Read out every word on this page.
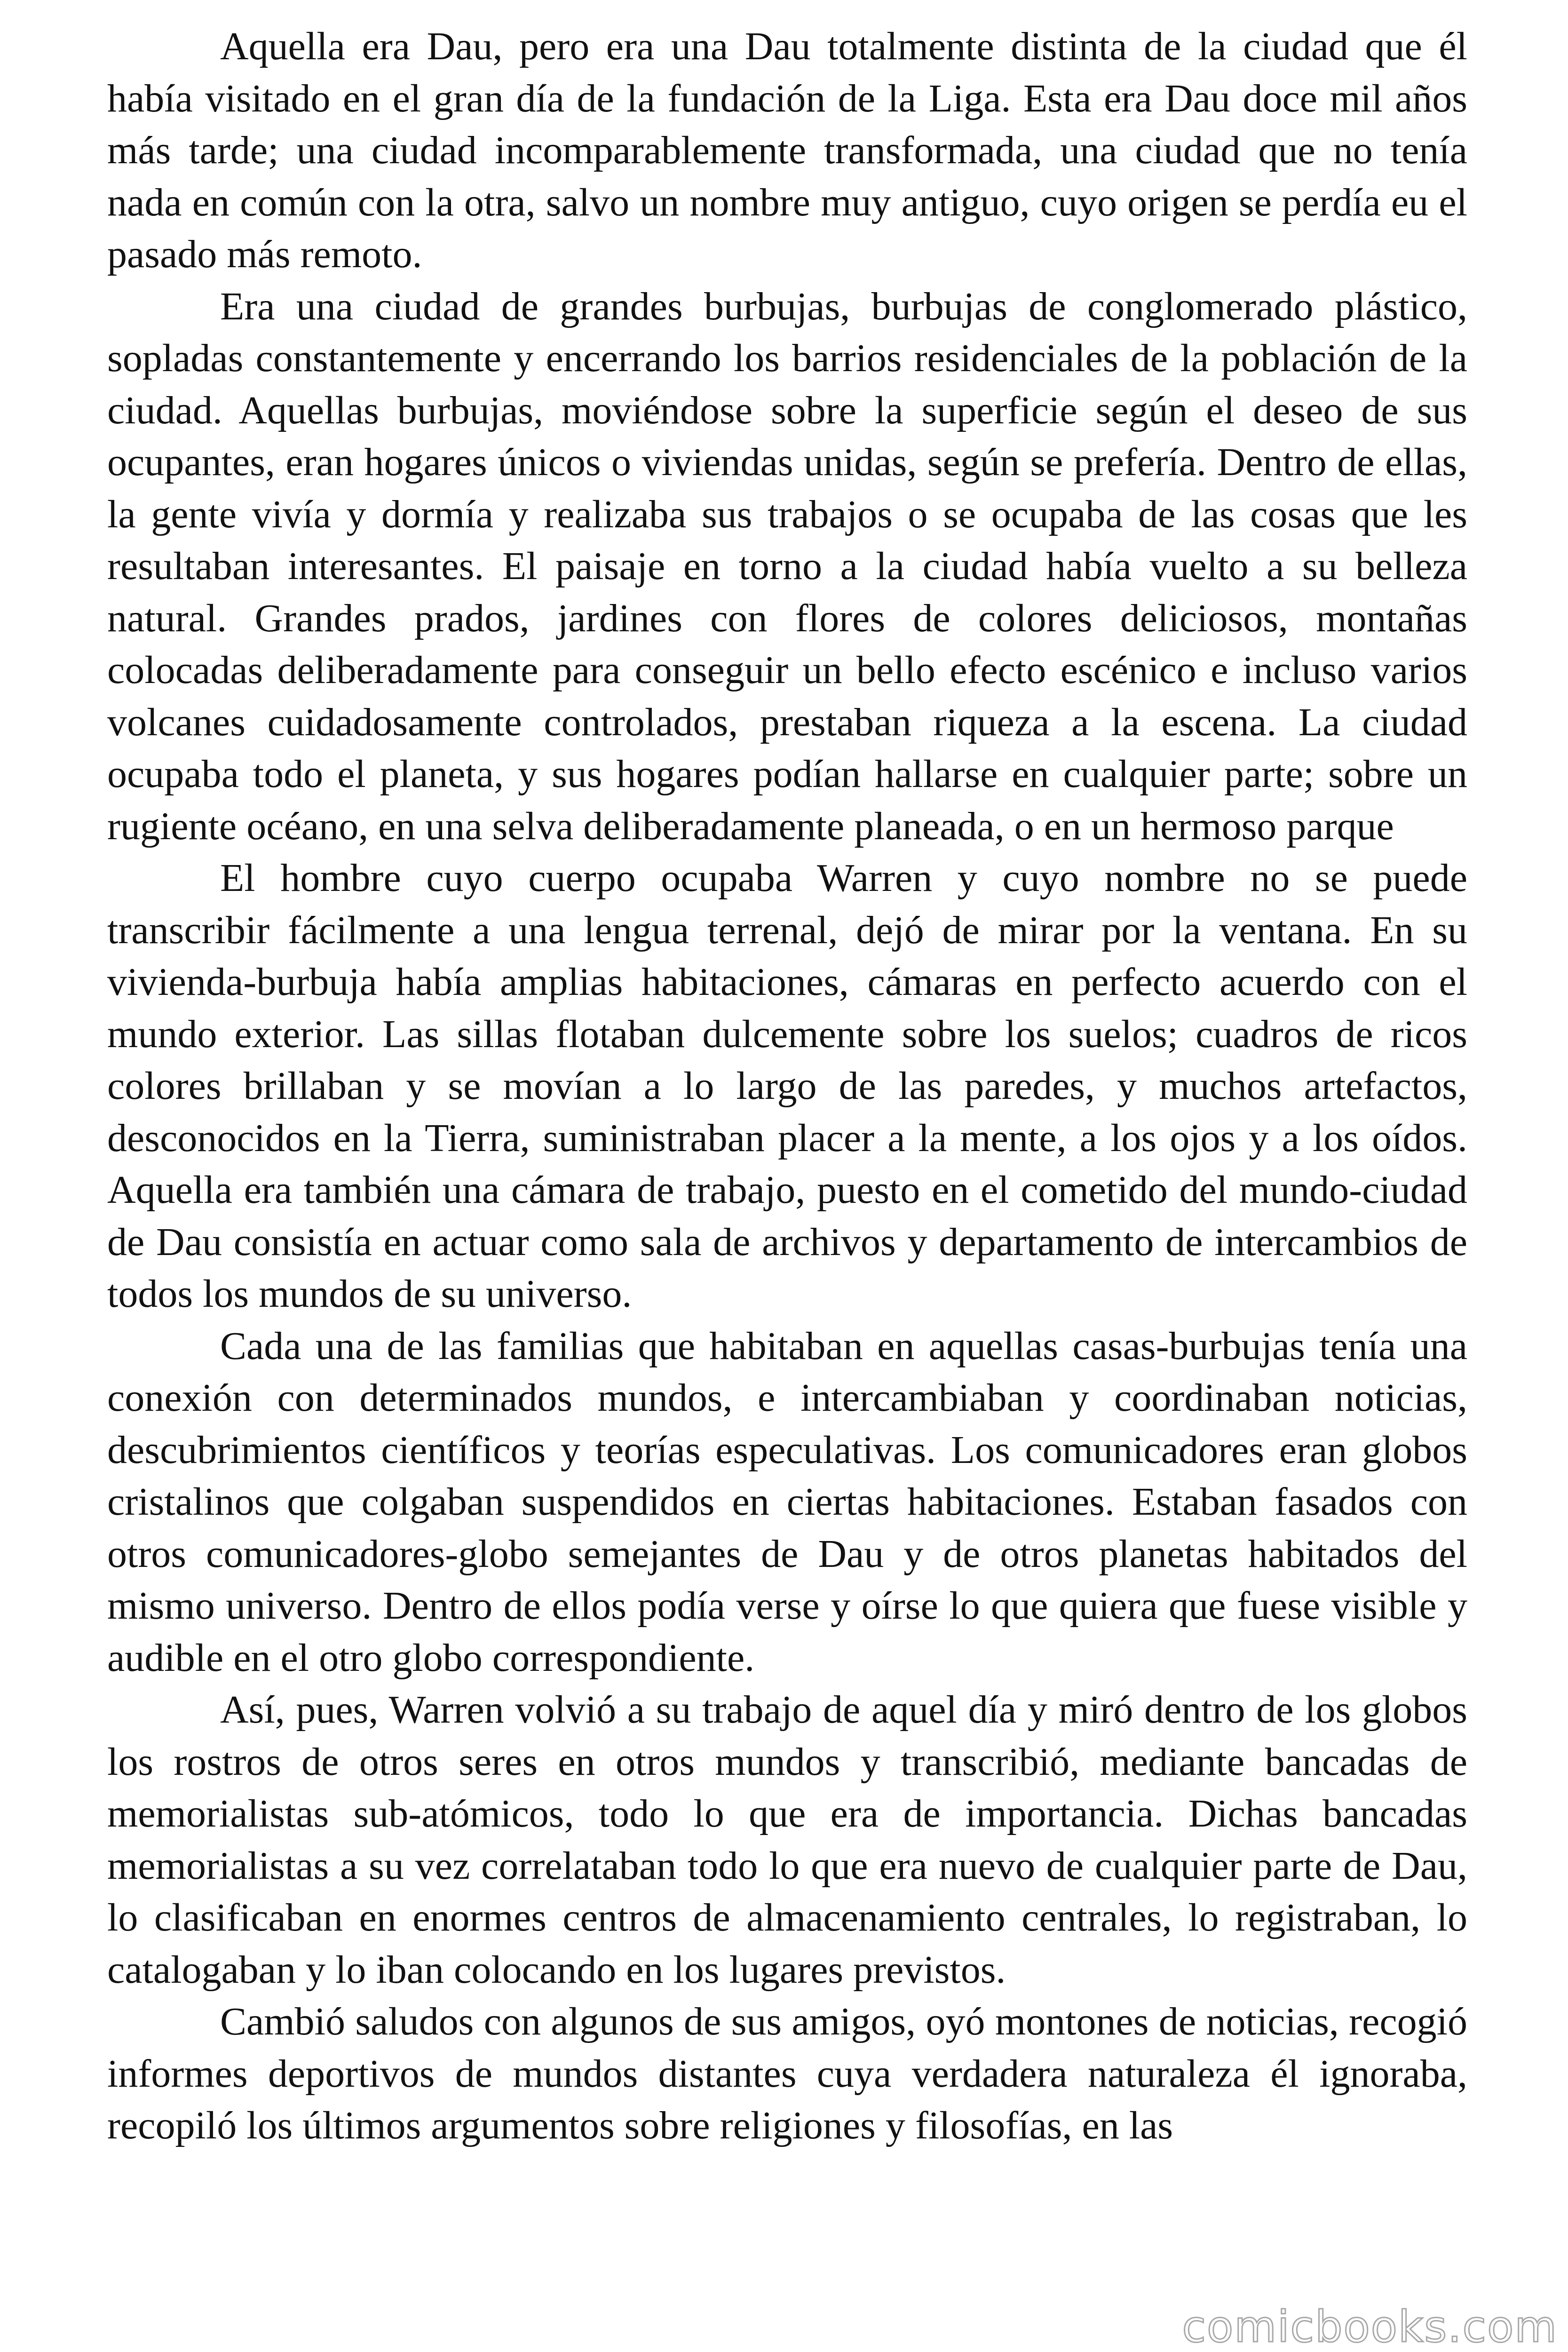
Aquella era Dau, pero era una Dau totalmente distinta de la ciudad que él había visitado en el gran día de la fundación de la Liga. Esta era Dau doce mil años más tarde; una ciudad incomparablemente transformada, una ciudad que no tenía nada en común con la otra, salvo un nombre muy antiguo, cuyo origen se perdía eu el pasado más remoto.

Era una ciudad de grandes burbujas, burbujas de conglomerado plástico, sopladas constantemente y encerrando los barrios residenciales de la población de la ciudad. Aquellas burbujas, moviéndose sobre la superficie según el deseo de sus ocupantes, eran hogares únicos o viviendas unidas, según se prefería. Dentro de ellas, la gente vivía y dormía y realizaba sus trabajos o se ocupaba de las cosas que les resultaban interesantes. El paisaje en torno a la ciudad había vuelto a su belleza natural. Grandes prados, jardines con flores de colores deliciosos, montañas colocadas deliberadamente para conseguir un bello efecto escénico e incluso varios volcanes cuidadosamente controlados, prestaban riqueza a la escena. La ciudad ocupaba todo el planeta, y sus hogares podían hallarse en cualquier parte; sobre un rugiente océano, en una selva deliberadamente planeada, o en un hermoso parque

El hombre cuyo cuerpo ocupaba Warren y cuyo nombre no se puede transcribir fácilmente a una lengua terrenal, dejó de mirar por la ventana. En su vivienda-burbuja había amplias habitaciones, cámaras en perfecto acuerdo con el mundo exterior. Las sillas flotaban dulcemente sobre los suelos; cuadros de ricos colores brillaban y se movían a lo largo de las paredes, y muchos artefactos, desconocidos en la Tierra, suministraban placer a la mente, a los ojos y a los oídos. Aquella era también una cámara de trabajo, puesto en el cometido del mundo-ciudad de Dau consistía en actuar como sala de archivos y departamento de intercambios de todos los mundos de su universo.

Cada una de las familias que habitaban en aquellas casas-burbujas tenía una conexión con determinados mundos, e intercambiaban y coordinaban noticias, descubrimientos científicos y teorías especulativas. Los comunicadores eran globos cristalinos que colgaban suspendidos en ciertas habitaciones. Estaban fasados con otros comunicadores-globo semejantes de Dau y de otros planetas habitados del mismo universo. Dentro de ellos podía verse y oírse lo que quiera que fuese visible y audible en el otro globo correspondiente.

Así, pues, Warren volvió a su trabajo de aquel día y miró dentro de los globos los rostros de otros seres en otros mundos y transcribió, mediante bancadas de memorialistas sub-atómicos, todo lo que era de importancia. Dichas bancadas memorialistas a su vez correlataban todo lo que era nuevo de cualquier parte de Dau, lo clasificaban en enormes centros de almacenamiento centrales, lo registraban, lo catalogaban y lo iban colocando en los lugares previstos.

Cambió saludos con algunos de sus amigos, oyó montones de noticias, recogió informes deportivos de mundos distantes cuya verdadera naturaleza él ignoraba, recopiló los últimos argumentos sobre religiones y filosofías, en las

comicbooks.com
